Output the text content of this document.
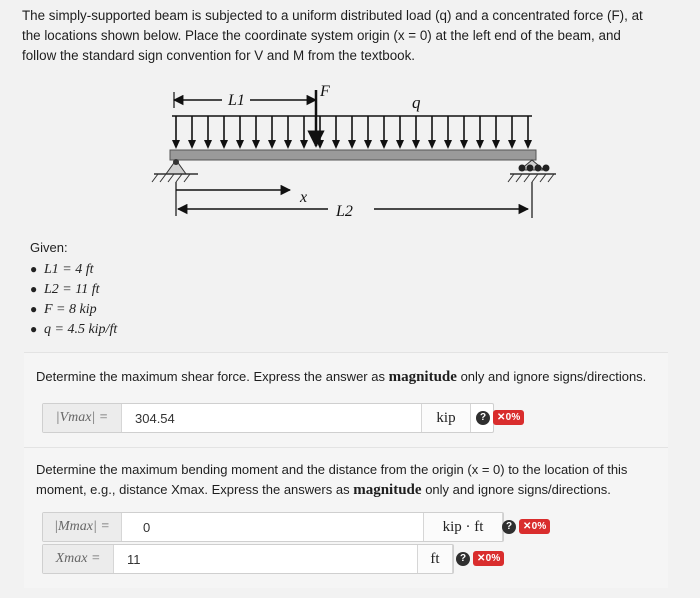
The simply-supported beam is subjected to a uniform distributed load (q) and a concentrated force (F), at
the locations shown below. Place the coordinate system origin (x = 0) at the left end of the beam, and
follow the standard sign convention for V and M from the textbook.
L1
F
q
x
L2
Given:
● L1 = 4 ft
● L2 = 11 ft
● F = 8 kip
● q = 4.5 kip/ft
Determine the maximum shear force. Express the answer as magnitude only and ignore signs/directions.
|Vmax| =	304.54	kip	?	✕0%
Determine the maximum bending moment and the distance from the origin (x = 0) to the location of this
moment, e.g., distance Xmax. Express the answers as magnitude only and ignore signs/directions.
|Mmax| =	0	kip · ft	?	✕0%
Xmax =	11	ft	?	✕0%
